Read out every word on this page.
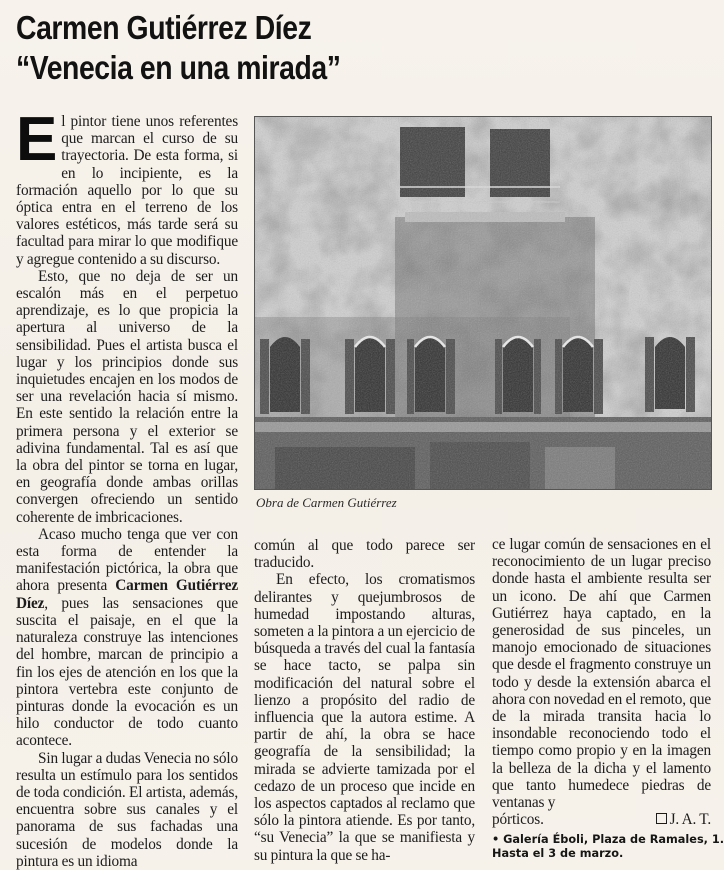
Carmen Gutiérrez Díez
“Venecia en una mirada”

El pintor tiene unos referentes que marcan el curso de su trayectoria. De esta forma, si en lo incipiente, es la formación aquello por lo que su óptica entra en el terreno de los valores estéticos, más tarde será su facultad para mirar lo que modifique y agregue contenido a su discurso.

Esto, que no deja de ser un escalón más en el perpetuo aprendizaje, es lo que propicia la apertura al universo de la sensibilidad. Pues el artista busca el lugar y los principios donde sus inquietudes encajen en los modos de ser una revelación hacia sí mismo. En este sentido la relación entre la primera persona y el exterior se adivina fundamental. Tal es así que la obra del pintor se torna en lugar, en geografía donde ambas orillas convergen ofreciendo un sentido coherente de imbricaciones.

Acaso mucho tenga que ver con esta forma de entender la manifestación pictórica, la obra que ahora presenta Carmen Gutiérrez Díez, pues las sensaciones que suscita el paisaje, en el que la naturaleza construye las intenciones del hombre, marcan de principio a fin los ejes de atención en los que la pintora vertebra este conjunto de pinturas donde la evocación es un hilo conductor de todo cuanto acontece.

Sin lugar a dudas Venecia no sólo resulta un estímulo para los sentidos de toda condición. El artista, además, encuentra sobre sus canales y el panorama de sus fachadas una sucesión de modelos donde la pintura es un idioma

Obra de Carmen Gutiérrez

común al que todo parece ser traducido.

En efecto, los cromatismos delirantes y quejumbrosos de humedad impostando alturas, someten a la pintora a un ejercicio de búsqueda a través del cual la fantasía se hace tacto, se palpa sin modificación del natural sobre el lienzo a propósito del radio de influencia que la autora estime. A partir de ahí, la obra se hace geografía de la sensibilidad; la mirada se advierte tamizada por el cedazo de un proceso que incide en los aspectos captados al reclamo que sólo la pintora atiende. Es por tanto, “su Venecia” la que se manifiesta y su pintura la que se ha-

ce lugar común de sensaciones en el reconocimiento de un lugar preciso donde hasta el ambiente resulta ser un icono. De ahí que Carmen Gutiérrez haya captado, en la generosidad de sus pinceles, un manojo emocionado de situaciones que desde el fragmento construye un todo y desde la extensión abarca el ahora con novedad en el remoto, que de la mirada transita hacia lo insondable reconociendo todo el tiempo como propio y en la imagen la belleza de la dicha y el lamento que tanto humedece piedras de ventanas y

pórticos.	J. A. T.

• Galería Éboli, Plaza de Ramales, 1.
Hasta el 3 de marzo.
